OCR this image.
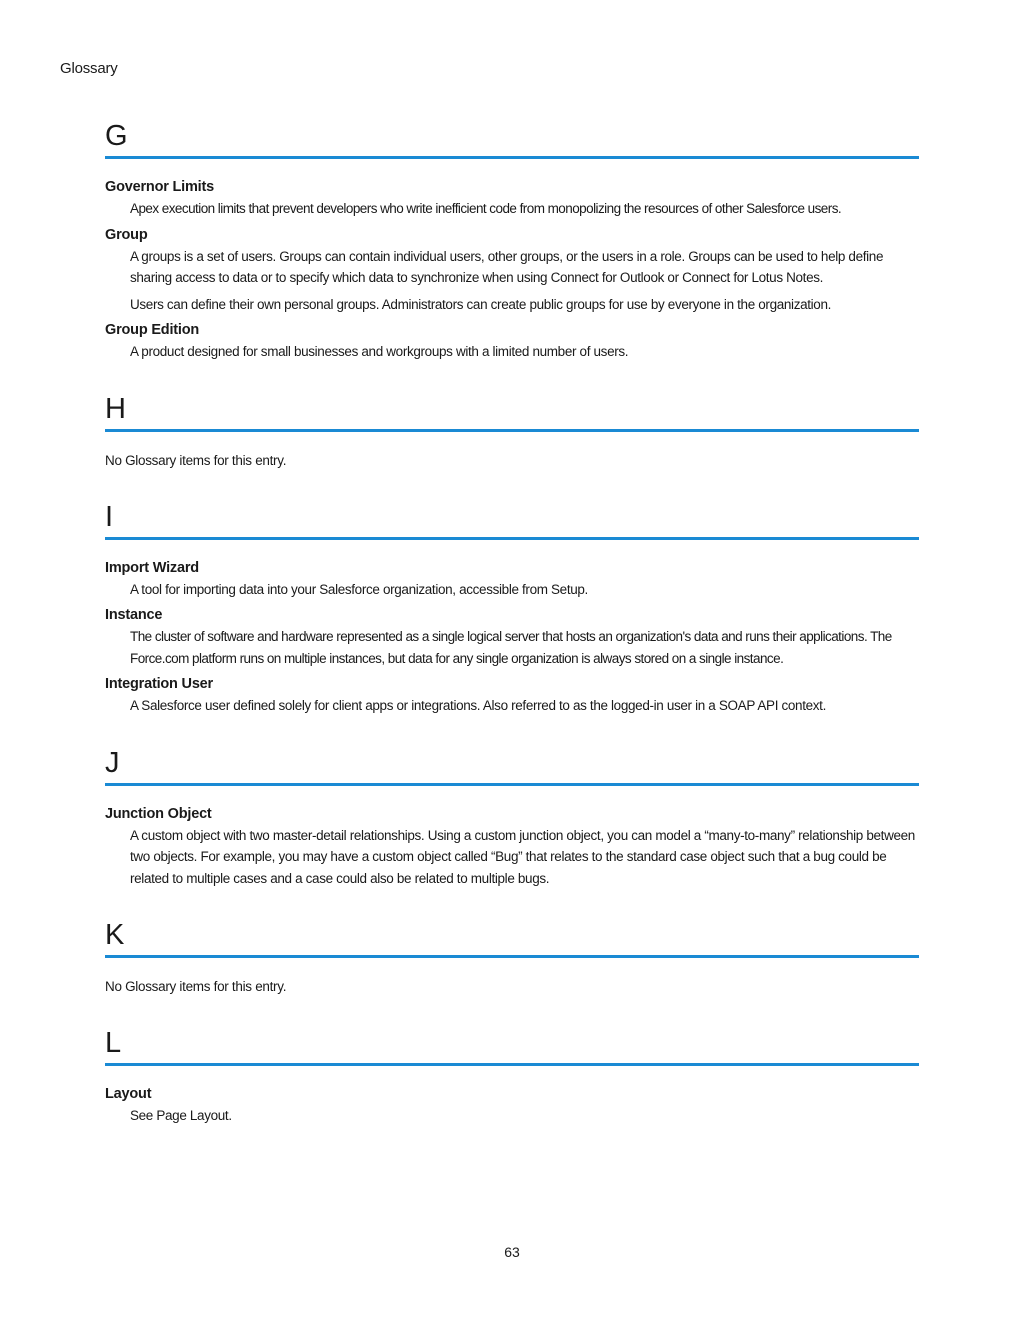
Glossary
G
Governor Limits

Apex execution limits that prevent developers who write inefficient code from monopolizing the resources of other Salesforce users.

Group

A groups is a set of users. Groups can contain individual users, other groups, or the users in a role. Groups can be used to help define sharing access to data or to specify which data to synchronize when using Connect for Outlook or Connect for Lotus Notes.

Users can define their own personal groups. Administrators can create public groups for use by everyone in the organization.

Group Edition

A product designed for small businesses and workgroups with a limited number of users.

H

No Glossary items for this entry.

I
Import Wizard

A tool for importing data into your Salesforce organization, accessible from Setup.

Instance

The cluster of software and hardware represented as a single logical server that hosts an organization's data and runs their applications. The Force.com platform runs on multiple instances, but data for any single organization is always stored on a single instance.

Integration User

A Salesforce user defined solely for client apps or integrations. Also referred to as the logged-in user in a SOAP API context.

J
Junction Object

A custom object with two master-detail relationships. Using a custom junction object, you can model a “many-to-many” relationship between two objects. For example, you may have a custom object called “Bug” that relates to the standard case object such that a bug could be related to multiple cases and a case could also be related to multiple bugs.

K

No Glossary items for this entry.

L
Layout

See Page Layout.

63
